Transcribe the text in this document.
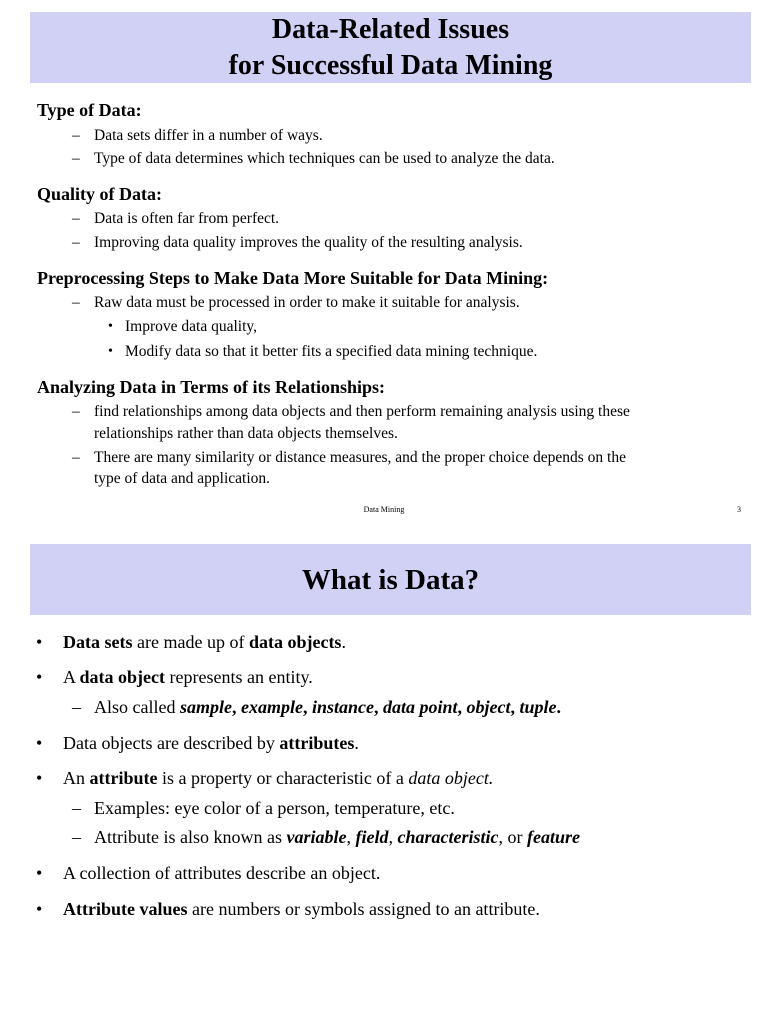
Data-Related Issues
for Successful Data Mining
Type of Data:
– Data sets differ in a number of ways.
– Type of data determines which techniques can be used to analyze the data.
Quality of Data:
– Data is often far from perfect.
– Improving data quality improves the quality of the resulting analysis.
Preprocessing Steps to Make Data More Suitable for Data Mining:
– Raw data must be processed in order to make it suitable for analysis.
• Improve data quality,
• Modify data so that it better fits a specified data mining technique.
Analyzing Data in Terms of its Relationships:
– find relationships among data objects and then perform remaining analysis using these
relationships rather than data objects themselves.
– There are many similarity or distance measures, and the proper choice depends on the
type of data and application.
Data Mining	3
What is Data?
• Data sets are made up of data objects.
• A data object represents an entity.
– Also called sample, example, instance, data point, object, tuple.
• Data objects are described by attributes.
• An attribute is a property or characteristic of a data object.
– Examples: eye color of a person, temperature, etc.
– Attribute is also known as variable, field, characteristic, or feature
• A collection of attributes describe an object.
• Attribute values are numbers or symbols assigned to an attribute.
